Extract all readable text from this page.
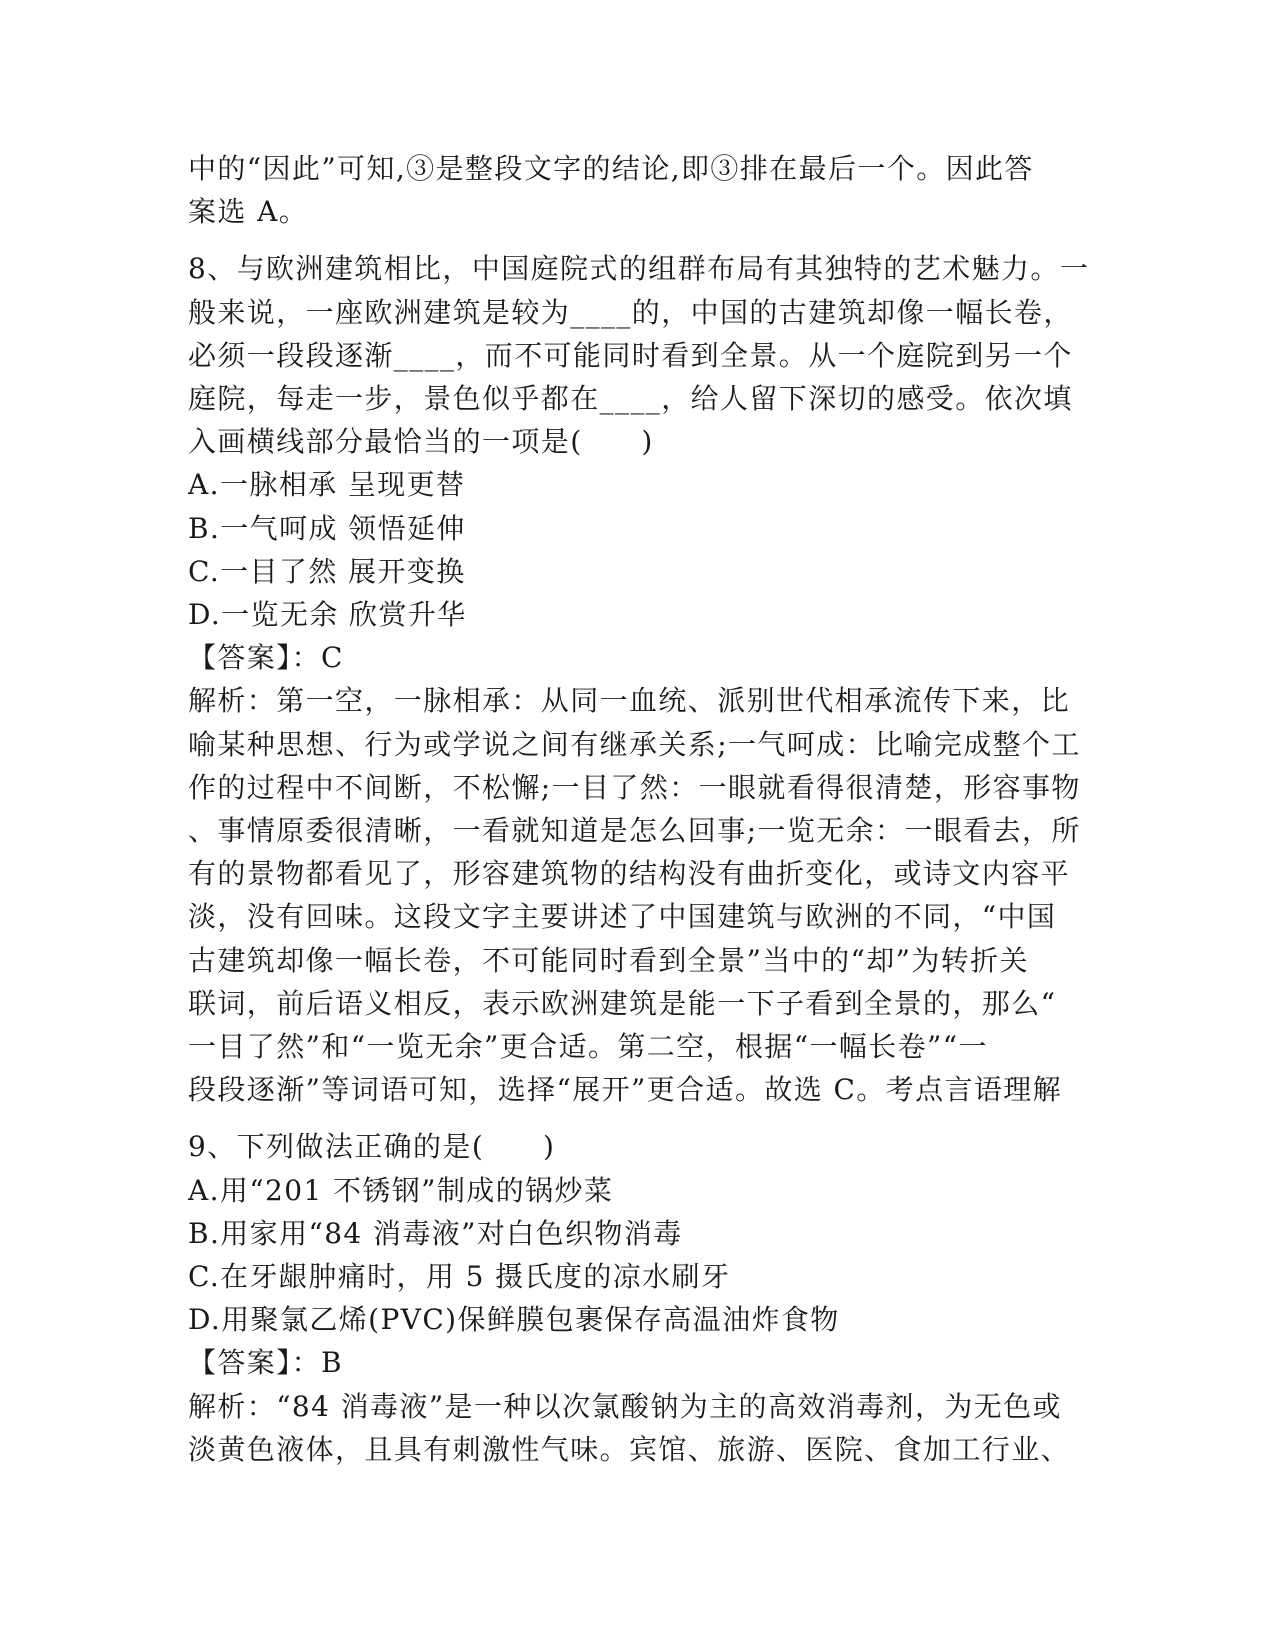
中的“因此”可知,③是整段文字的结论,即③排在最后一个。因此答
案选 A。
8、与欧洲建筑相比，中国庭院式的组群布局有其独特的艺术魅力。一
般来说，一座欧洲建筑是较为____的，中国的古建筑却像一幅长卷，
必须一段段逐渐____，而不可能同时看到全景。从一个庭院到另一个
庭院，每走一步，景色似乎都在____，给人留下深切的感受。依次填
入画横线部分最恰当的一项是(　　)
A.一脉相承 呈现更替
B.一气呵成 领悟延伸
C.一目了然 展开变换
D.一览无余 欣赏升华
【答案】：C
解析：第一空，一脉相承：从同一血统、派别世代相承流传下来，比
喻某种思想、行为或学说之间有继承关系;一气呵成：比喻完成整个工
作的过程中不间断，不松懈;一目了然：一眼就看得很清楚，形容事物
、事情原委很清晰，一看就知道是怎么回事;一览无余：一眼看去，所
有的景物都看见了，形容建筑物的结构没有曲折变化，或诗文内容平
淡，没有回味。这段文字主要讲述了中国建筑与欧洲的不同，“中国
古建筑却像一幅长卷，不可能同时看到全景”当中的“却”为转折关
联词，前后语义相反，表示欧洲建筑是能一下子看到全景的，那么“
一目了然”和“一览无余”更合适。第二空，根据“一幅长卷”“一
段段逐渐”等词语可知，选择“展开”更合适。故选 C。考点言语理解
9、下列做法正确的是(　　)
A.用“201 不锈钢”制成的锅炒菜
B.用家用“84 消毒液”对白色织物消毒
C.在牙龈肿痛时，用 5 摄氏度的凉水刷牙
D.用聚氯乙烯(PVC)保鲜膜包裹保存高温油炸食物
【答案】：B
解析：“84 消毒液”是一种以次氯酸钠为主的高效消毒剂，为无色或
淡黄色液体，且具有刺激性气味。宾馆、旅游、医院、食加工行业、
